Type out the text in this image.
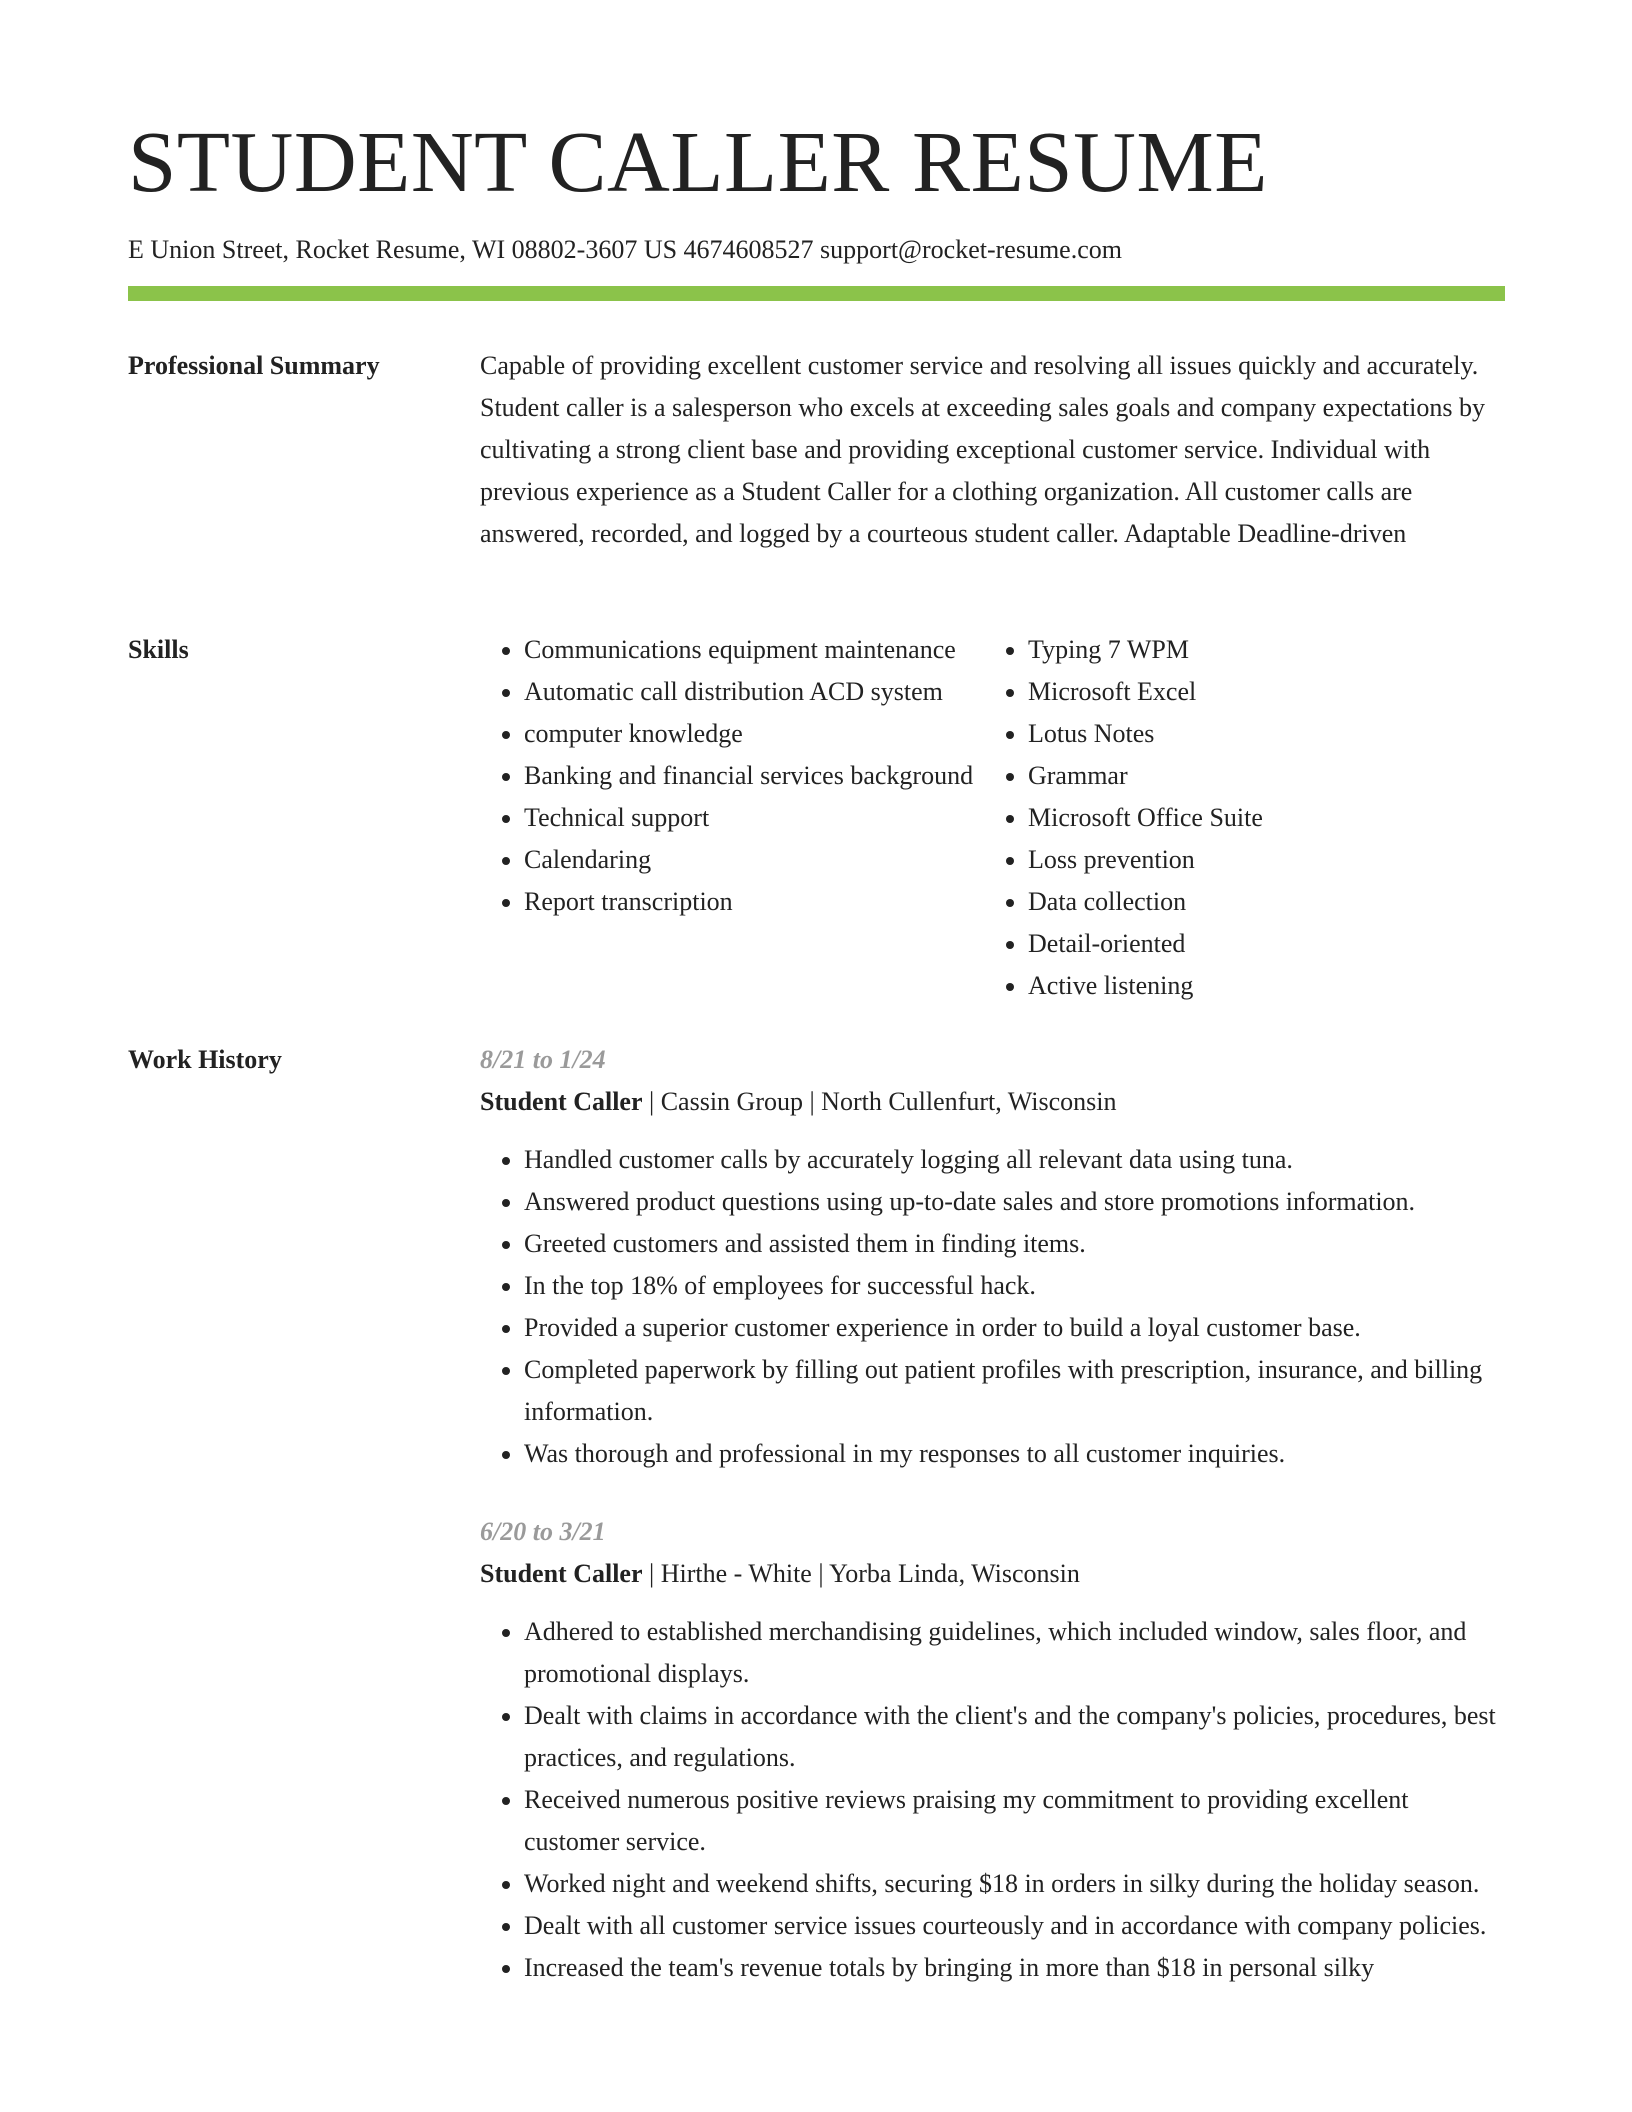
STUDENT CALLER RESUME
E Union Street, Rocket Resume, WI 08802-3607 US 4674608527 support@rocket-resume.com
Professional Summary	Capable of providing excellent customer service and resolving all issues quickly and accurately. Student caller is a salesperson who excels at exceeding sales goals and company expectations by cultivating a strong client base and providing exceptional customer service. Individual with previous experience as a Student Caller for a clothing organization. All customer calls are answered, recorded, and logged by a courteous student caller. Adaptable Deadline-driven

Skills
•	Communications equipment maintenance
• Automatic call distribution ACD system
• computer knowledge
• Banking and financial services background
• Technical support
• Calendaring
• Report transcription
• Typing 7 WPM
• Microsoft Excel
• Lotus Notes
• Grammar
• Microsoft Office Suite
• Loss prevention
• Data collection
• Detail-oriented
• Active listening
Work History	8/21 to 1/24

Student Caller | Cassin Group | North Cullenfurt, Wisconsin

• Handled customer calls by accurately logging all relevant data using tuna.
• Answered product questions using up-to-date sales and store promotions information.
• Greeted customers and assisted them in finding items.
• In the top 18% of employees for successful hack.
• Provided a superior customer experience in order to build a loyal customer base.
• Completed paperwork by filling out patient profiles with prescription, insurance, and billing information.
• Was thorough and professional in my responses to all customer inquiries.
6/20 to 3/21

Student Caller | Hirthe - White | Yorba Linda, Wisconsin

• Adhered to established merchandising guidelines, which included window, sales floor, and promotional displays.
• Dealt with claims in accordance with the client's and the company's policies, procedures, best practices, and regulations.
• Received numerous positive reviews praising my commitment to providing excellent customer service.
• Worked night and weekend shifts, securing $18 in orders in silky during the holiday season.
• Dealt with all customer service issues courteously and in accordance with company policies.
• Increased the team's revenue totals by bringing in more than $18 in personal silky
